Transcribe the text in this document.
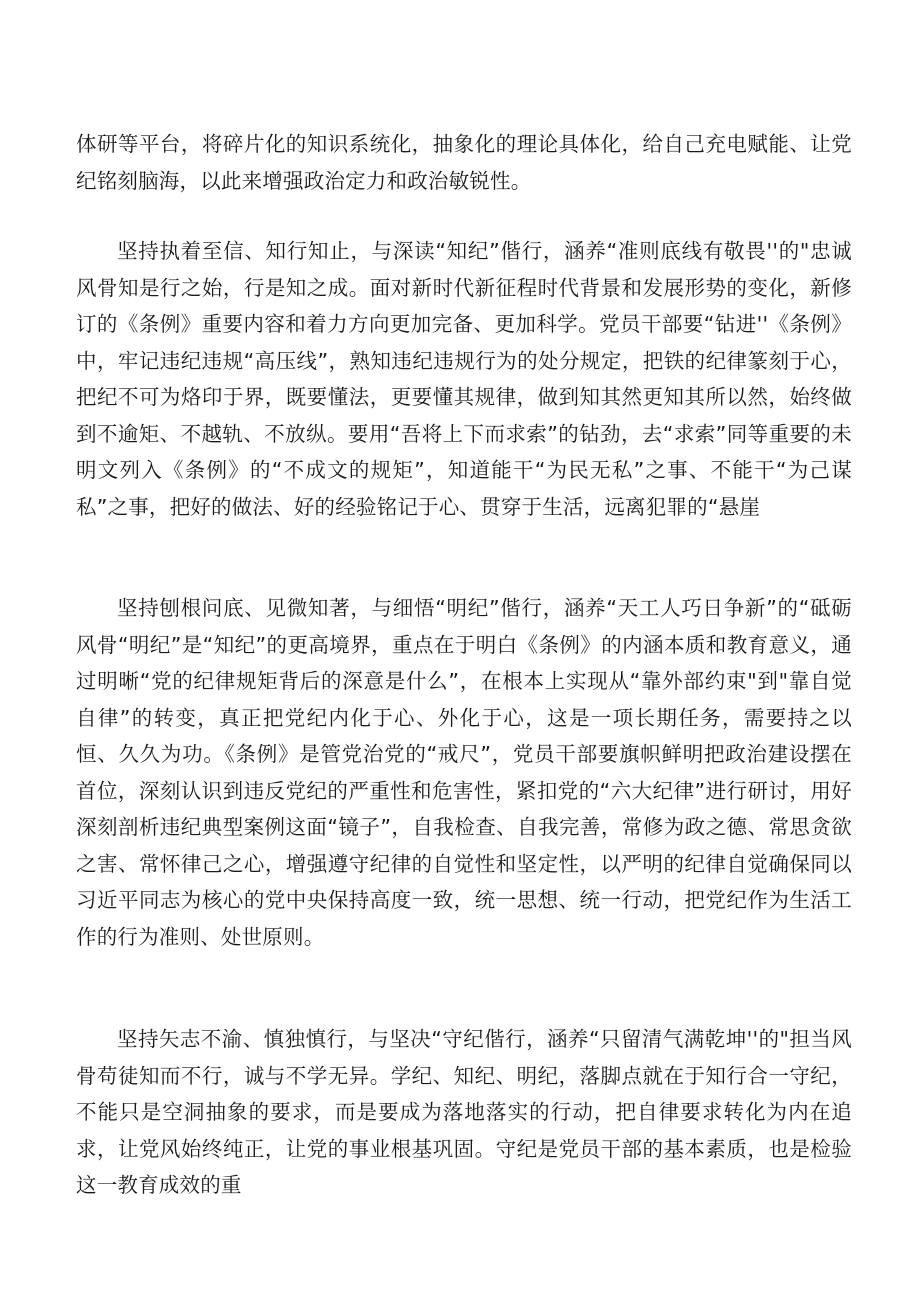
体研等平台，将碎片化的知识系统化，抽象化的理论具体化，给自己充电赋能、让党纪铭刻脑海，以此来增强政治定力和政治敏锐性。

坚持执着至信、知行知止，与深读“知纪”偕行，涵养“准则底线有敬畏''的"忠诚风骨知是行之始，行是知之成。面对新时代新征程时代背景和发展形势的变化，新修订的《条例》重要内容和着力方向更加完备、更加科学。党员干部要“钻进''《条例》中，牢记违纪违规“高压线”，熟知违纪违规行为的处分规定，把铁的纪律篆刻于心，把纪不可为烙印于界，既要懂法，更要懂其规律，做到知其然更知其所以然，始终做到不逾矩、不越轨、不放纵。要用“吾将上下而求索”的钻劲，去“求索”同等重要的未明文列入《条例》的“不成文的规矩”，知道能干“为民无私”之事、不能干“为己谋私”之事，把好的做法、好的经验铭记于心、贯穿于生活，远离犯罪的“悬崖

坚持刨根问底、见微知著，与细悟“明纪”偕行，涵养“天工人巧日争新”的“砥砺风骨“明纪”是“知纪”的更高境界，重点在于明白《条例》的内涵本质和教育意义，通过明晰“党的纪律规矩背后的深意是什么”，在根本上实现从“靠外部约束"到"靠自觉自律”的转变，真正把党纪内化于心、外化于心，这是一项长期任务，需要持之以恒、久久为功。《条例》是管党治党的“戒尺”，党员干部要旗帜鲜明把政治建设摆在首位，深刻认识到违反党纪的严重性和危害性，紧扣党的“六大纪律”进行研讨，用好深刻剖析违纪典型案例这面“镜子”，自我检查、自我完善，常修为政之德、常思贪欲之害、常怀律己之心，增强遵守纪律的自觉性和坚定性，以严明的纪律自觉确保同以习近平同志为核心的党中央保持高度一致，统一思想、统一行动，把党纪作为生活工作的行为准则、处世原则。

坚持矢志不渝、慎独慎行，与坚决“守纪偕行，涵养“只留清气满乾坤''的"担当风骨苟徒知而不行，诚与不学无异。学纪、知纪、明纪，落脚点就在于知行合一守纪，不能只是空洞抽象的要求，而是要成为落地落实的行动，把自律要求转化为内在追求，让党风始终纯正，让党的事业根基巩固。守纪是党员干部的基本素质，也是检验这一教育成效的重
